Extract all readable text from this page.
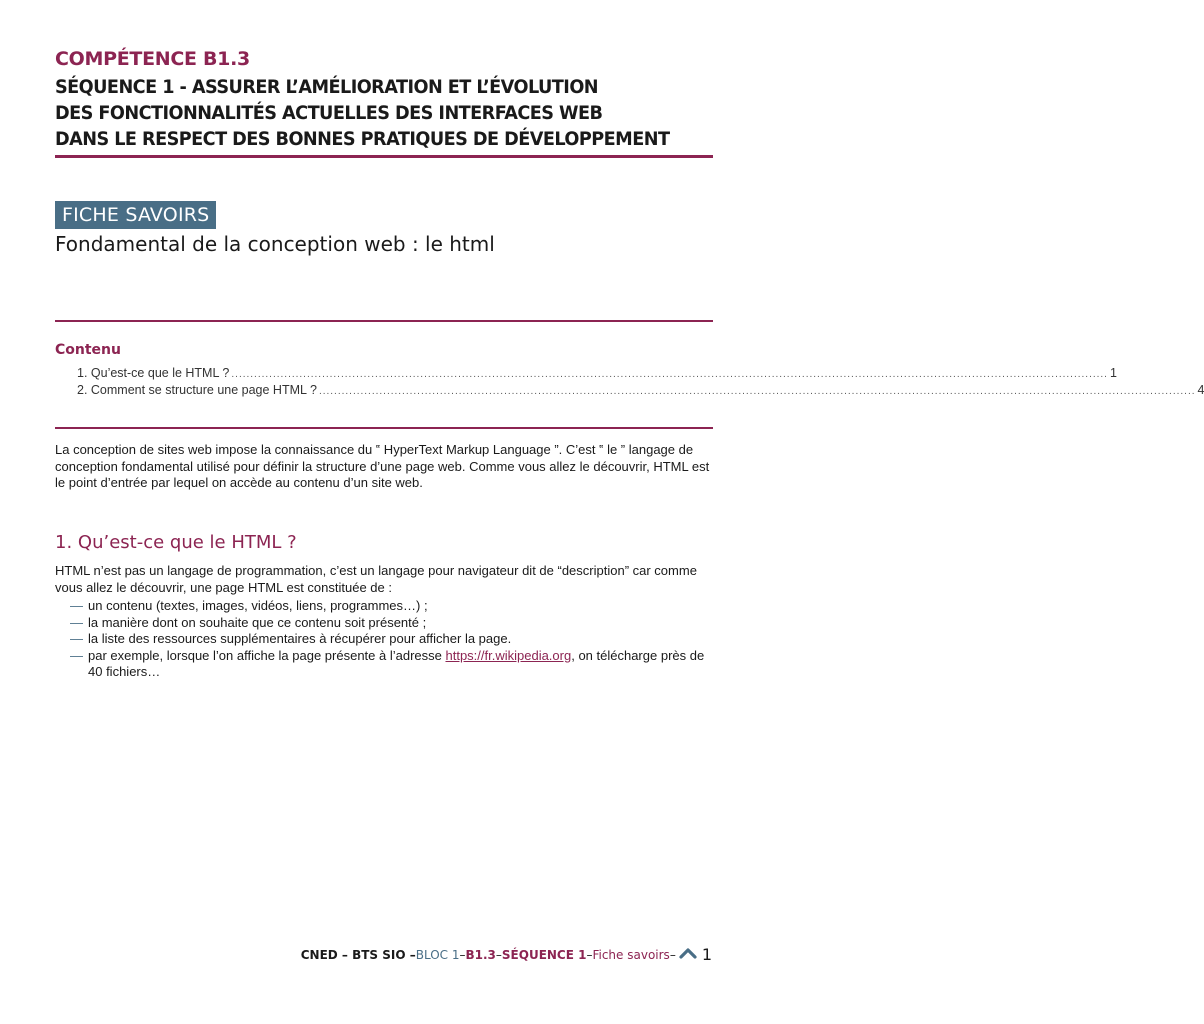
COMPÉTENCE B1.3
SÉQUENCE 1 - ASSURER L’AMÉLIORATION ET L’ÉVOLUTION
DES FONCTIONNALITÉS ACTUELLES DES INTERFACES WEB
DANS LE RESPECT DES BONNES PRATIQUES DE DÉVELOPPEMENT
FICHE SAVOIRS
Fondamental de la conception web : le html
Contenu
1. Qu’est-ce que le HTML ? ........................................................................................................................................................................................................................................ 1
2. Comment se structure une page HTML ? ........................................................................................................................................................................................................................................ 4

La conception de sites web impose la connaissance du ‟ HyperText Markup Language ”. C’est ‟ le ” langage de conception fondamental utilisé pour définir la structure d’une page web. Comme vous allez le découvrir, HTML est le point d’entrée par lequel on accède au contenu d’un site web.

1. Qu’est-ce que le HTML ?

HTML n’est pas un langage de programmation, c’est un langage pour navigateur dit de “description” car comme vous allez le découvrir, une page HTML est constituée de :

— un contenu (textes, images, vidéos, liens, programmes…) ;
— la manière dont on souhaite que ce contenu soit présenté ;
— la liste des ressources supplémentaires à récupérer pour afficher la page.
— par exemple, lorsque l’on affiche la page présente à l’adresse https://fr.wikipedia.org, on télécharge près de 40 fichiers…
CNED – BTS SIO – BLOC 1 – B1.3 – SÉQUENCE 1 – Fiche savoirs – 1
